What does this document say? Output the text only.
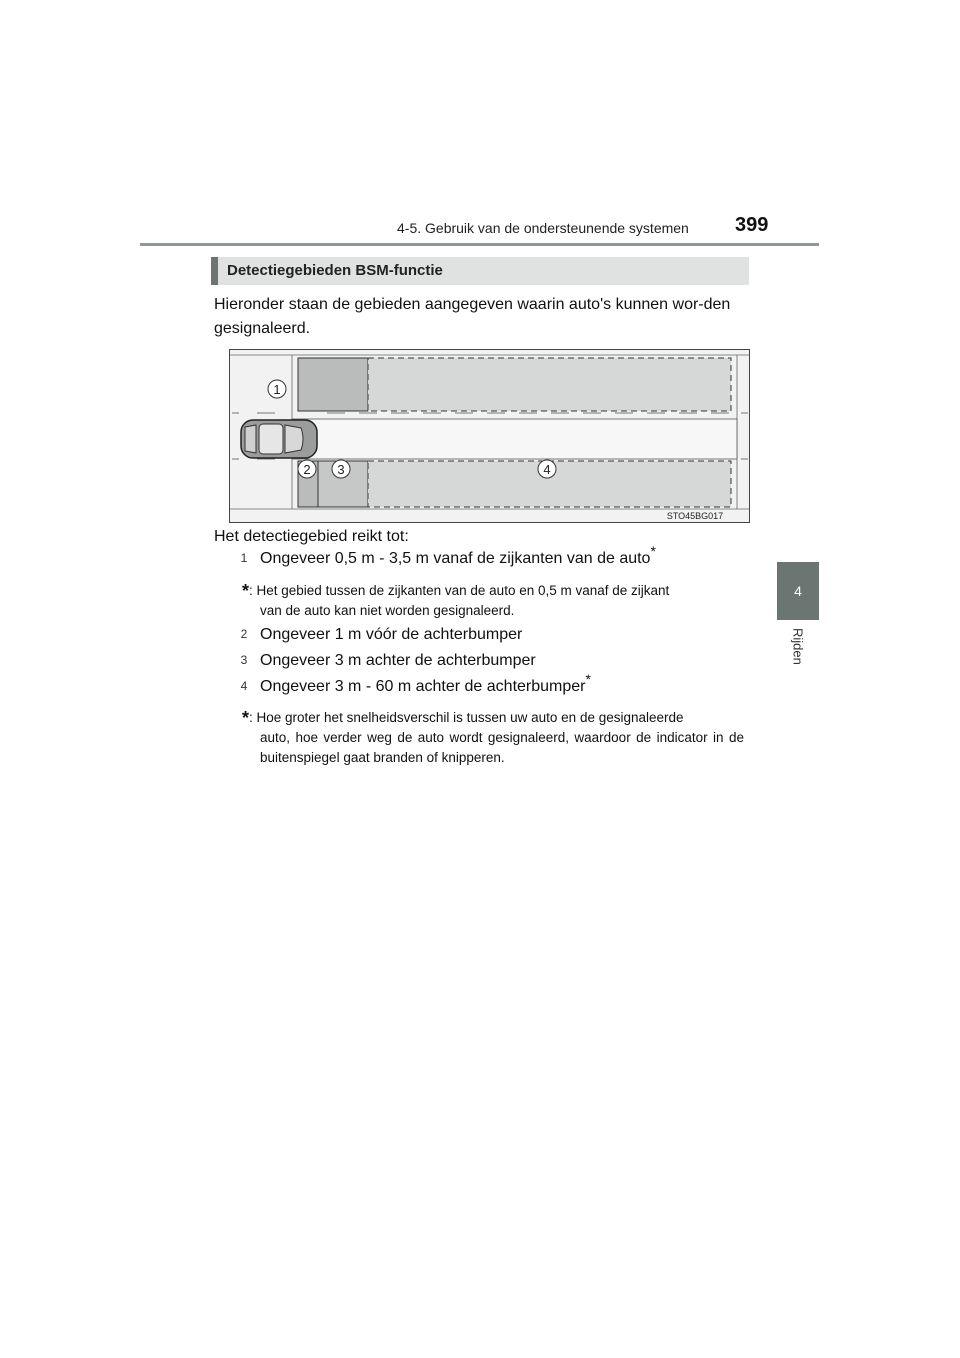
4-5. Gebruik van de ondersteunende systemen 399
4
Rijden
Detectiegebieden BSM-functie
Hieronder staan de gebieden aangegeven waarin auto's kunnen wor-den gesignaleerd.
1
2 3	4
STO45BG017
Het detectiegebied reikt tot:
1 Ongeveer 0,5 m - 3,5 m vanaf de zijkanten van de auto*
*: Het gebied tussen de zijkanten van de auto en 0,5 m vanaf de zijkant
van de auto kan niet worden gesignaleerd.
2 Ongeveer 1 m vóór de achterbumper
3 Ongeveer 3 m achter de achterbumper
4 Ongeveer 3 m - 60 m achter de achterbumper*
*: Hoe groter het snelheidsverschil is tussen uw auto en de gesignaleerde
auto, hoe verder weg de auto wordt gesignaleerd, waardoor de indicator in de buitenspiegel gaat branden of knipperen.
